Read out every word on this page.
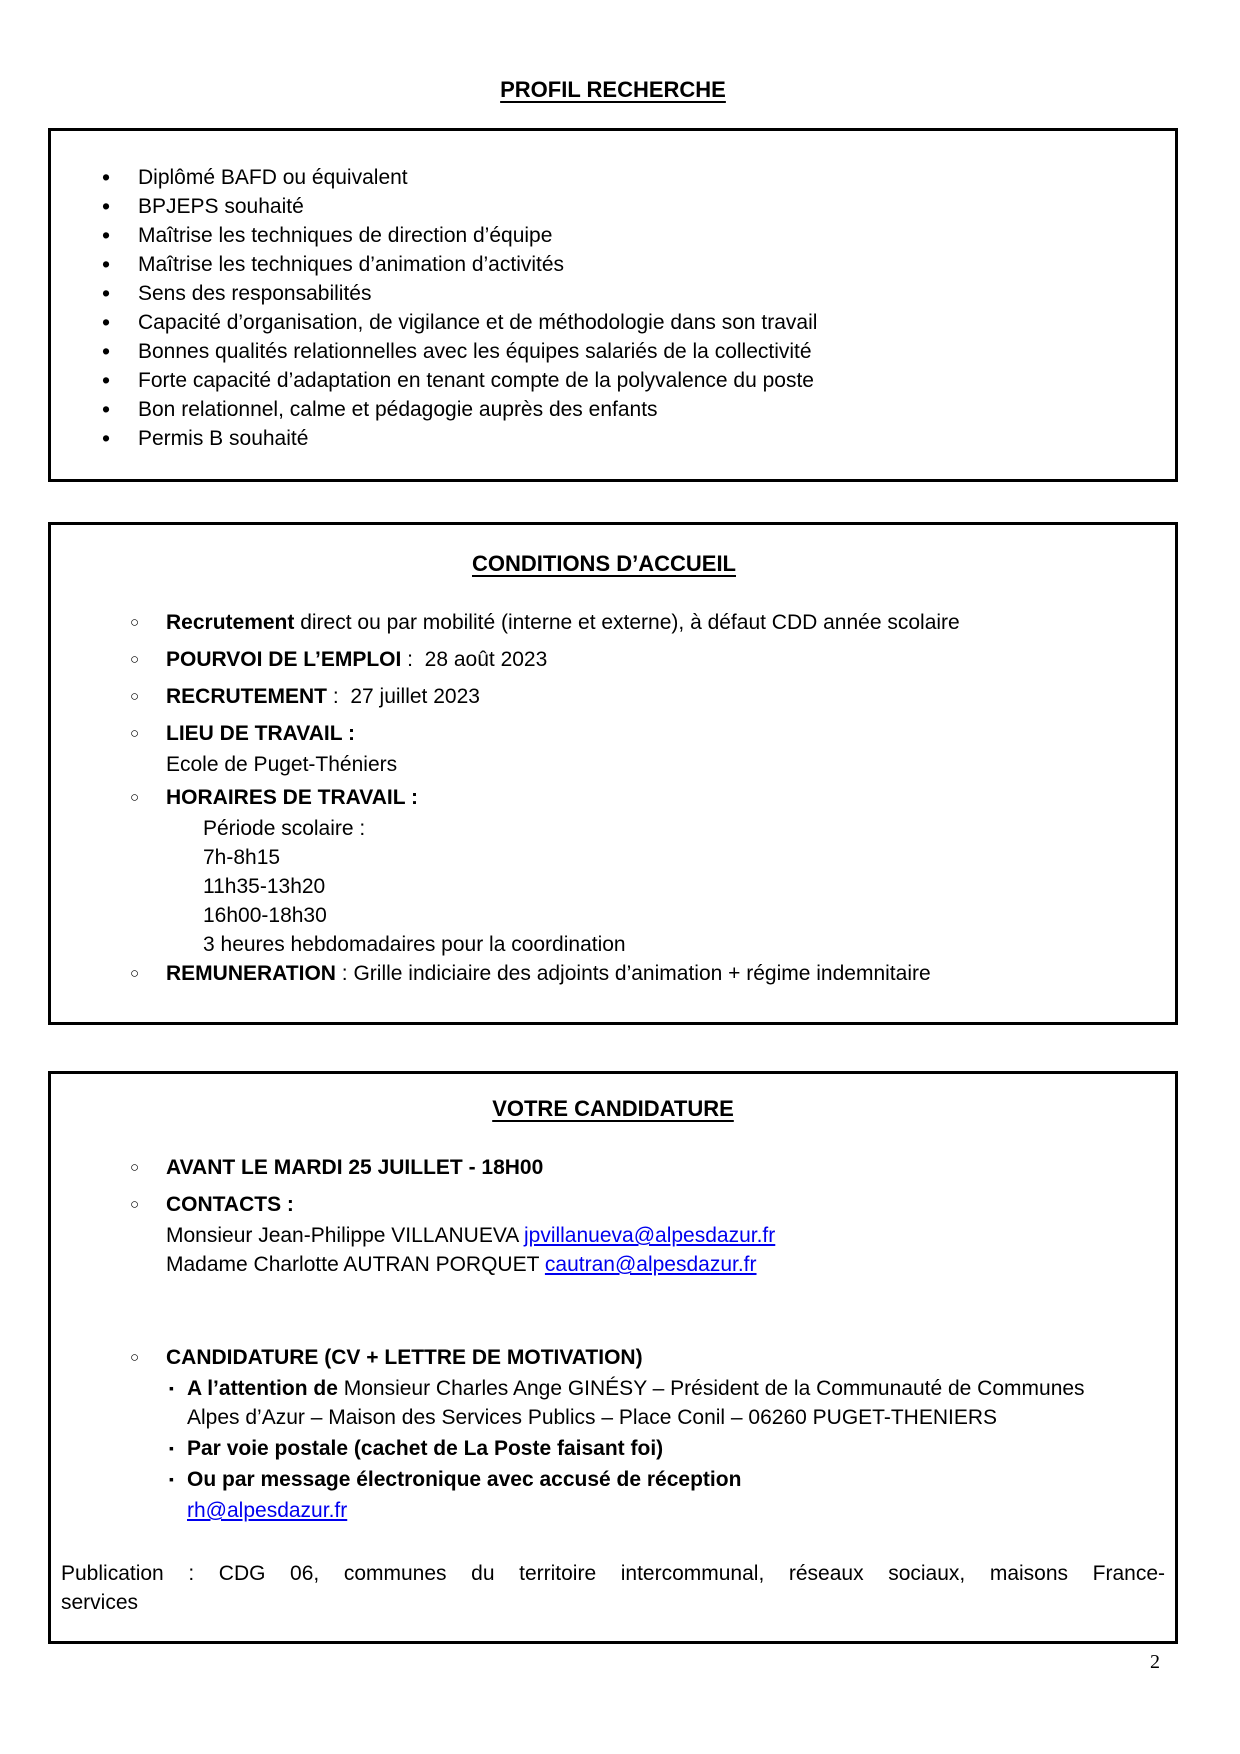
PROFIL RECHERCHE
• Diplômé BAFD ou équivalent
• BPJEPS souhaité
• Maîtrise les techniques de direction d’équipe
• Maîtrise les techniques d’animation d’activités
• Sens des responsabilités
• Capacité d’organisation, de vigilance et de méthodologie dans son travail
• Bonnes qualités relationnelles avec les équipes salariés de la collectivité
• Forte capacité d’adaptation en tenant compte de la polyvalence du poste
• Bon relationnel, calme et pédagogie auprès des enfants
• Permis B souhaité
CONDITIONS D’ACCUEIL
○ Recrutement direct ou par mobilité (interne et externe), à défaut CDD année scolaire
○ POURVOI DE L’EMPLOI :  28 août 2023
○ RECRUTEMENT :  27 juillet 2023
○ LIEU DE TRAVAIL :
Ecole de Puget-Théniers
○ HORAIRES DE TRAVAIL :
Période scolaire :
7h-8h15
11h35-13h20
16h00-18h30
3 heures hebdomadaires pour la coordination
○ REMUNERATION : Grille indiciaire des adjoints d’animation + régime indemnitaire
VOTRE CANDIDATURE
○ AVANT LE MARDI 25 JUILLET - 18H00
○ CONTACTS :
Monsieur Jean-Philippe VILLANUEVA jpvillanueva@alpesdazur.fr
Madame Charlotte AUTRAN PORQUET cautran@alpesdazur.fr
○ CANDIDATURE (CV + LETTRE DE MOTIVATION)
▪ A l’attention de Monsieur Charles Ange GINÉSY – Président de la Communauté de Communes Alpes d’Azur – Maison des Services Publics – Place Conil – 06260 PUGET-THENIERS
▪ Par voie postale (cachet de La Poste faisant foi)
▪ Ou par message électronique avec accusé de réception
rh@alpesdazur.fr
Publication : CDG 06, communes du territoire intercommunal, réseaux sociaux, maisons France-
services
2
